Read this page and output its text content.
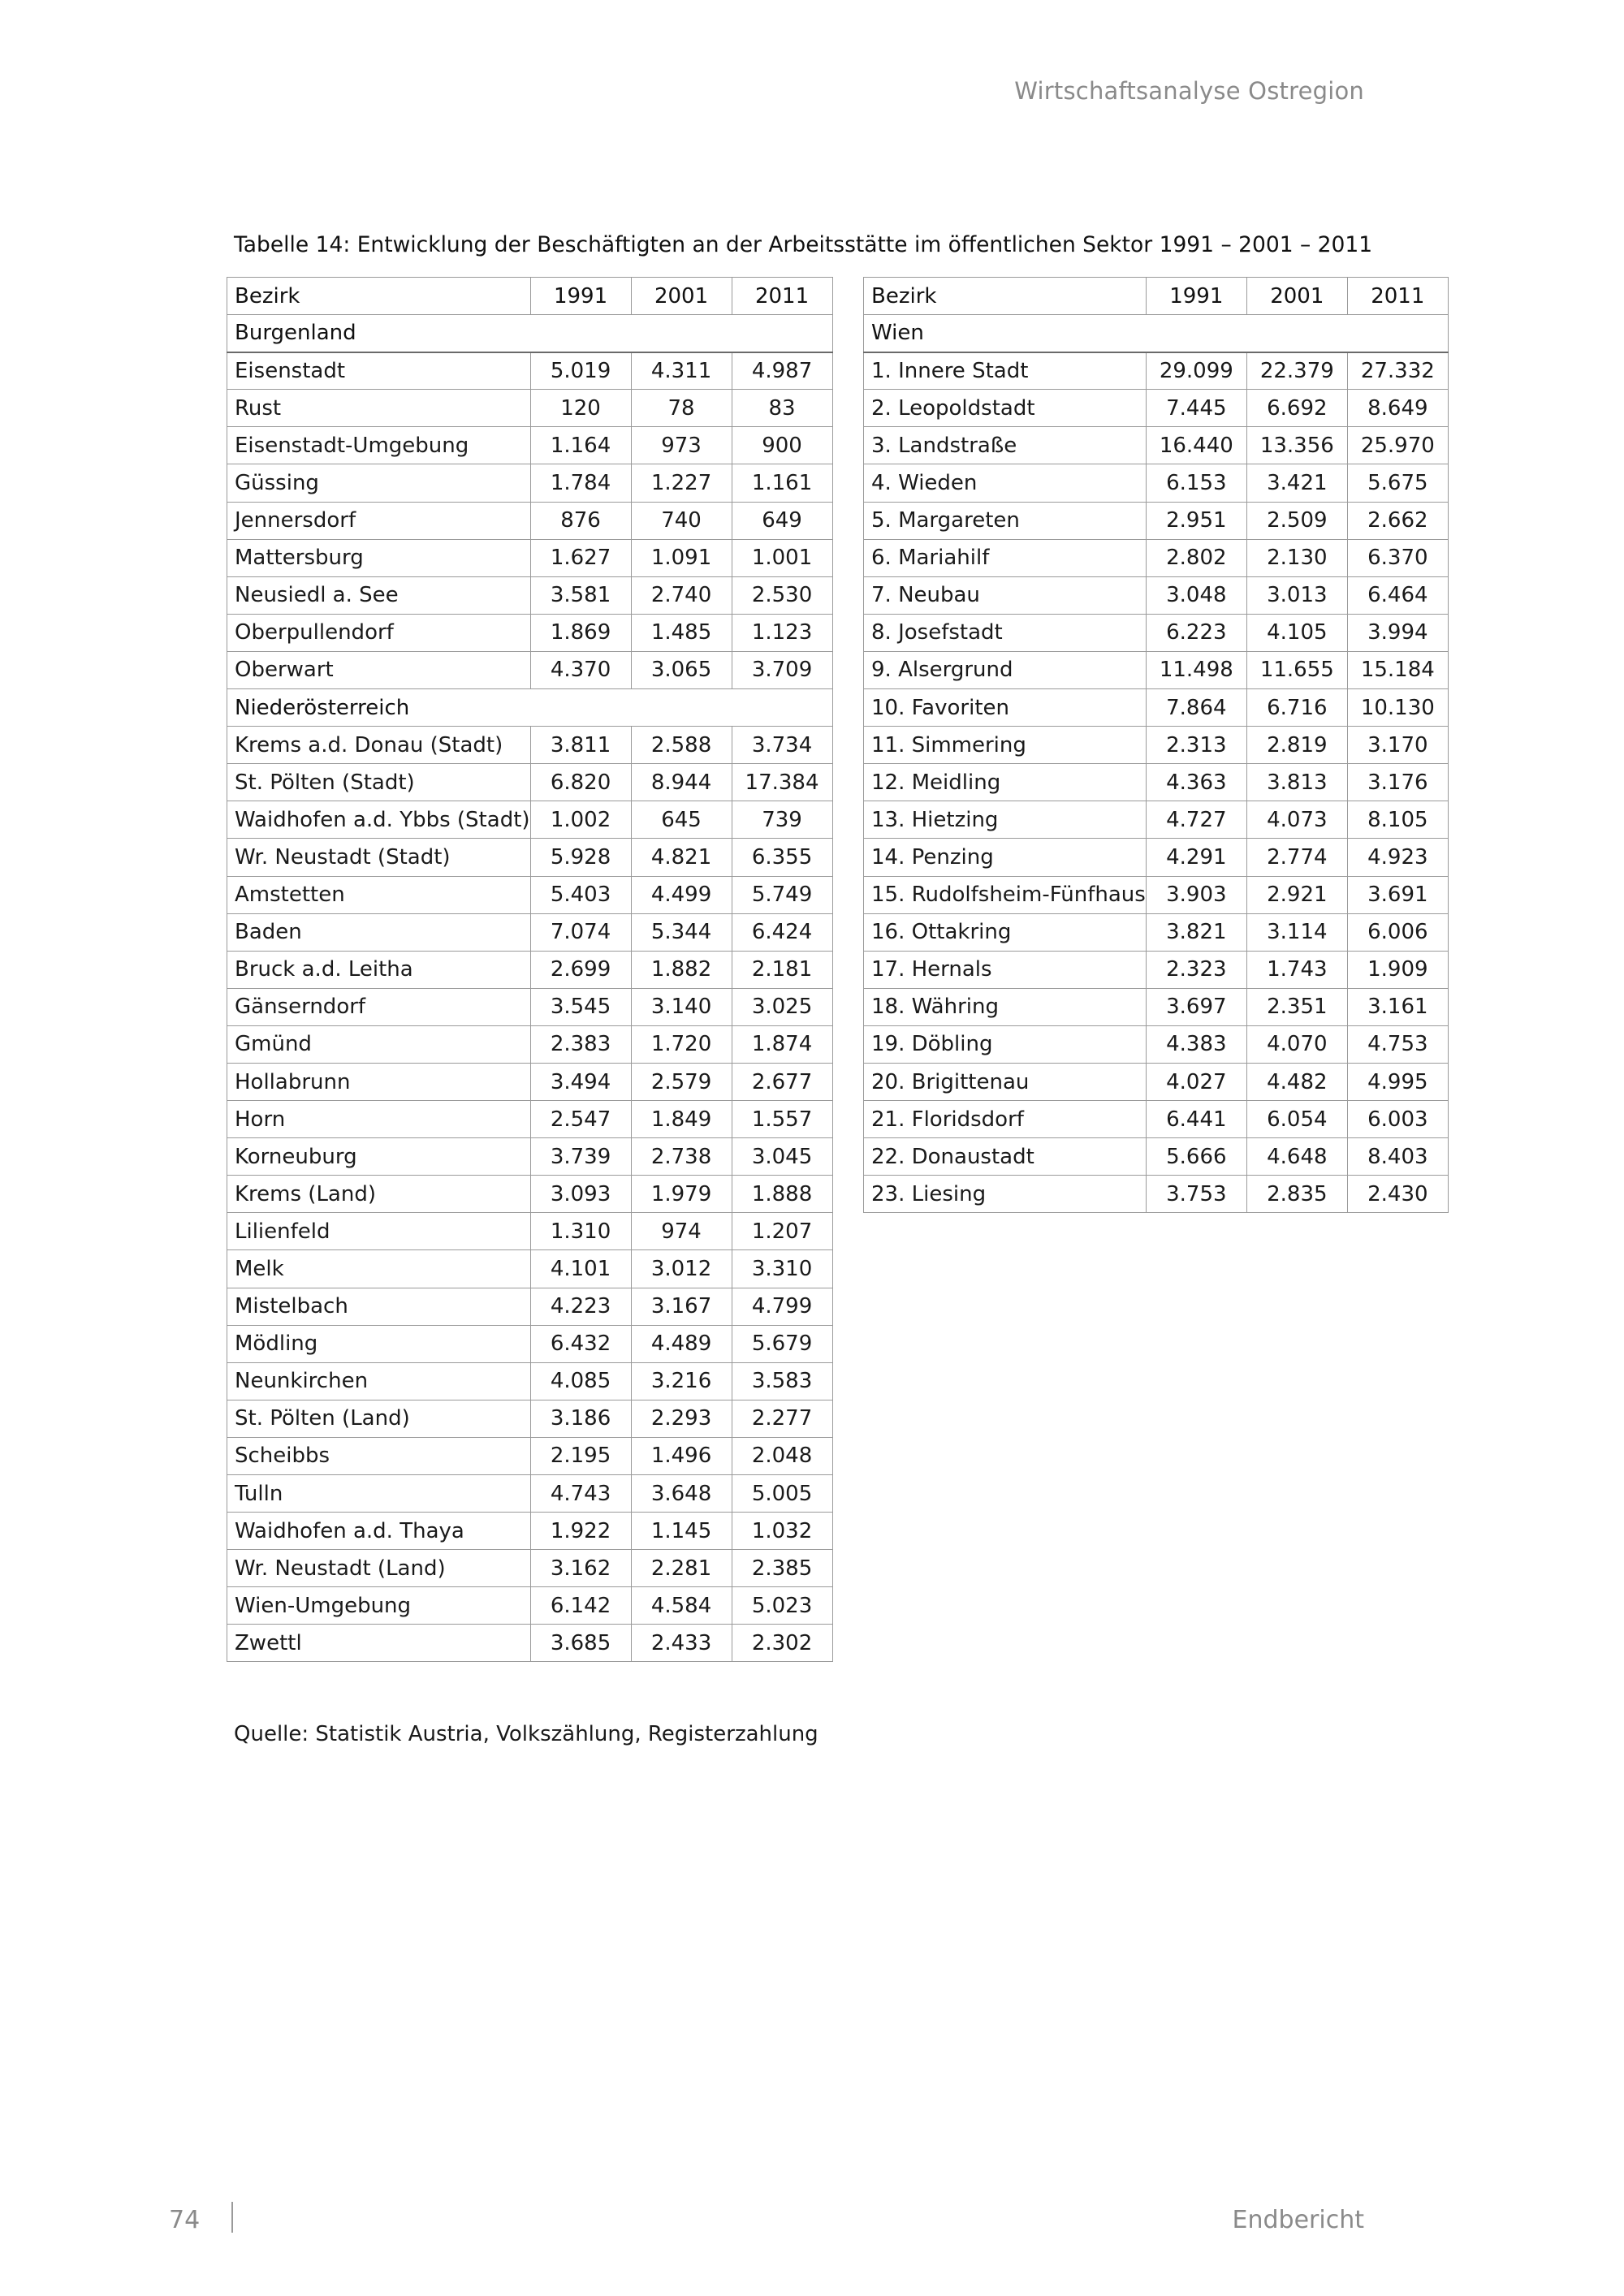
Wirtschaftsanalyse Ostregion
Tabelle 14: Entwicklung der Beschäftigten an der Arbeitsstätte im öffentlichen Sektor 1991 – 2001 – 2011
Bezirk	1991	2001	2011
Burgenland			
Eisenstadt	5.019	4.311	4.987
Rust	120	78	83
Eisenstadt-Umgebung	1.164	973	900
Güssing	1.784	1.227	1.161
Jennersdorf	876	740	649
Mattersburg	1.627	1.091	1.001
Neusiedl a. See	3.581	2.740	2.530
Oberpullendorf	1.869	1.485	1.123
Oberwart	4.370	3.065	3.709
Niederösterreich			
Krems a.d. Donau (Stadt)	3.811	2.588	3.734
St. Pölten (Stadt)	6.820	8.944	17.384
Waidhofen a.d. Ybbs (Stadt)	1.002	645	739
Wr. Neustadt (Stadt)	5.928	4.821	6.355
Amstetten	5.403	4.499	5.749
Baden	7.074	5.344	6.424
Bruck a.d. Leitha	2.699	1.882	2.181
Gänserndorf	3.545	3.140	3.025
Gmünd	2.383	1.720	1.874
Hollabrunn	3.494	2.579	2.677
Horn	2.547	1.849	1.557
Korneuburg	3.739	2.738	3.045
Krems (Land)	3.093	1.979	1.888
Lilienfeld	1.310	974	1.207
Melk	4.101	3.012	3.310
Mistelbach	4.223	3.167	4.799
Mödling	6.432	4.489	5.679
Neunkirchen	4.085	3.216	3.583
St. Pölten (Land)	3.186	2.293	2.277
Scheibbs	2.195	1.496	2.048
Tulln	4.743	3.648	5.005
Waidhofen a.d. Thaya	1.922	1.145	1.032
Wr. Neustadt (Land)	3.162	2.281	2.385
Wien-Umgebung	6.142	4.584	5.023
Zwettl	3.685	2.433	2.302
Bezirk	1991	2001	2011
Wien			
1. Innere Stadt	29.099	22.379	27.332
2. Leopoldstadt	7.445	6.692	8.649
3. Landstraße	16.440	13.356	25.970
4. Wieden	6.153	3.421	5.675
5. Margareten	2.951	2.509	2.662
6. Mariahilf	2.802	2.130	6.370
7. Neubau	3.048	3.013	6.464
8. Josefstadt	6.223	4.105	3.994
9. Alsergrund	11.498	11.655	15.184
10. Favoriten	7.864	6.716	10.130
11. Simmering	2.313	2.819	3.170
12. Meidling	4.363	3.813	3.176
13. Hietzing	4.727	4.073	8.105
14. Penzing	4.291	2.774	4.923
15. Rudolfsheim-Fünfhaus	3.903	2.921	3.691
16. Ottakring	3.821	3.114	6.006
17. Hernals	2.323	1.743	1.909
18. Währing	3.697	2.351	3.161
19. Döbling	4.383	4.070	4.753
20. Brigittenau	4.027	4.482	4.995
21. Floridsdorf	6.441	6.054	6.003
22. Donaustadt	5.666	4.648	8.403
23. Liesing	3.753	2.835	2.430
Quelle: Statistik Austria, Volkszählung, Registerzahlung
74	Endbericht
